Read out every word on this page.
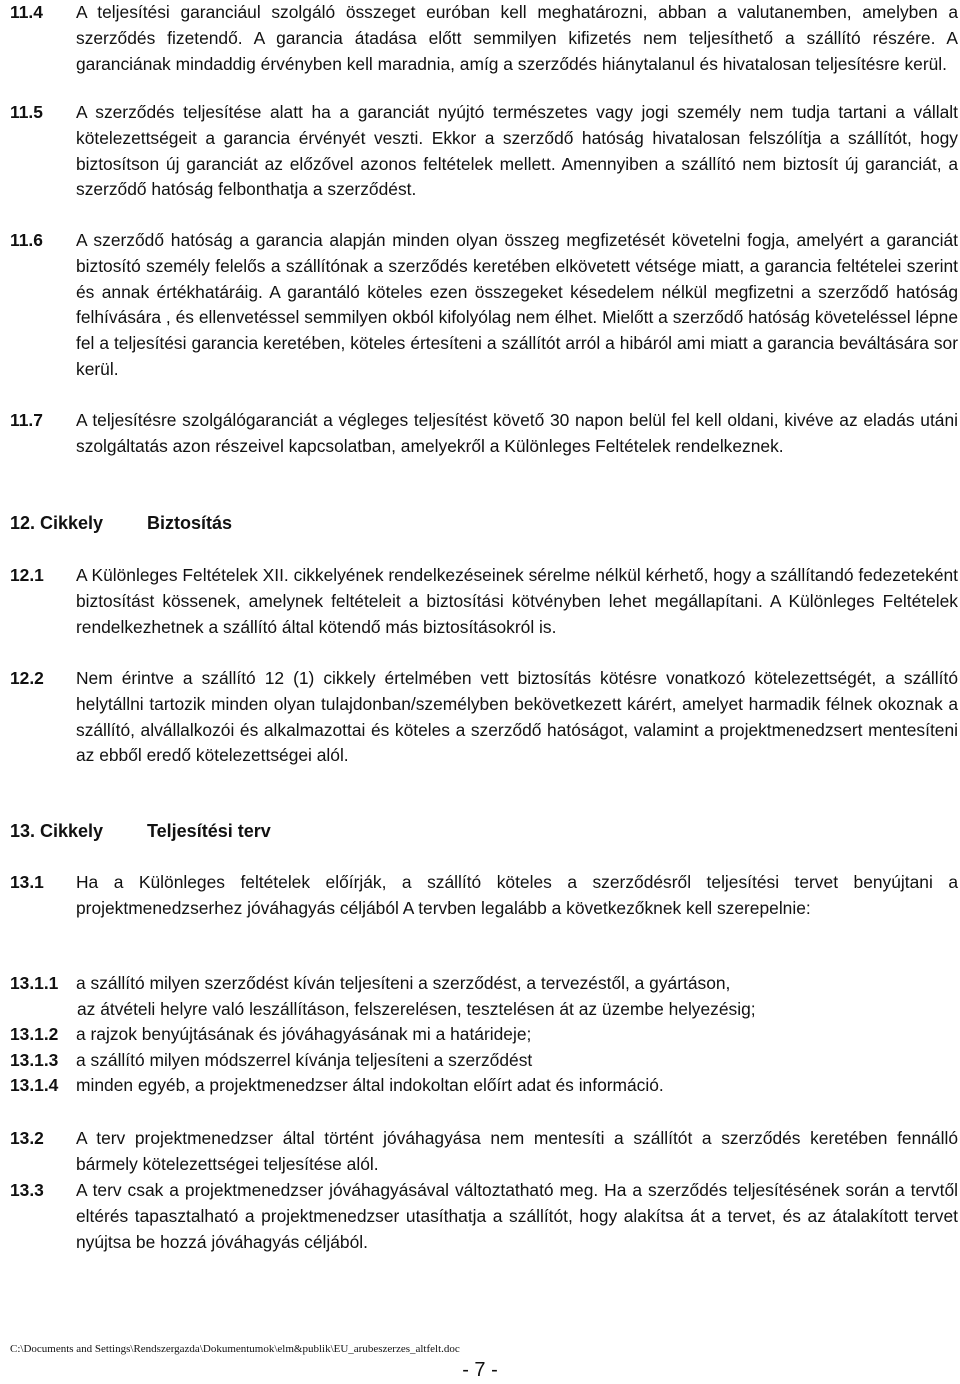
11.4 A teljesítési garanciául szolgáló összeget euróban kell meghatározni, abban a valutanemben, amelyben a szerződés fizetendő. A garancia átadása előtt semmilyen kifizetés nem teljesíthető a szállító részére. A garanciának mindaddig érvényben kell maradnia, amíg a szerződés hiánytalanul és hivatalosan teljesítésre kerül.
11.5 A szerződés teljesítése alatt ha a garanciát nyújtó természetes vagy jogi személy nem tudja tartani a vállalt kötelezettségeit a garancia érvényét veszti. Ekkor a szerződő hatóság hivatalosan felszólítja a szállítót, hogy biztosítson új garanciát az előzővel azonos feltételek mellett. Amennyiben a szállító nem biztosít új garanciát, a szerződő hatóság felbonthatja a szerződést.
11.6 A szerződő hatóság a garancia alapján minden olyan összeg megfizetését követelni fogja, amelyért a garanciát biztosító személy felelős a szállítónak a szerződés keretében elkövetett vétsége miatt, a garancia feltételei szerint és annak értékhatáráig. A garantáló köteles ezen összegeket késedelem nélkül megfizetni a szerződő hatóság felhívására , és ellenvetéssel semmilyen okból kifolyólag nem élhet. Mielőtt a szerződő hatóság követeléssel lépne fel a teljesítési garancia keretében, köteles értesíteni a szállítót arról a hibáról ami miatt a garancia beváltására sor kerül.
11.7 A teljesítésre szolgálógaranciát a végleges teljesítést követő 30 napon belül fel kell oldani, kivéve az eladás utáni szolgáltatás azon részeivel kapcsolatban, amelyekről a Különleges Feltételek rendelkeznek.
12. Cikkely Biztosítás
12.1 A Különleges Feltételek XII. cikkelyének rendelkezéseinek sérelme nélkül kérhető, hogy a szállítandó fedezeteként biztosítást kössenek, amelynek feltételeit a biztosítási kötvényben lehet megállapítani. A Különleges Feltételek rendelkezhetnek a szállító által kötendő más biztosításokról is.
12.2 Nem érintve a szállító 12 (1) cikkely értelmében vett biztosítás kötésre vonatkozó kötelezettségét, a szállító helytállni tartozik minden olyan tulajdonban/személyben bekövetkezett kárért, amelyet harmadik félnek okoznak a szállító, alvállalkozói és alkalmazottai és köteles a szerződő hatóságot, valamint a projektmenedzsert mentesíteni az ebből eredő kötelezettségei alól.
13. Cikkely Teljesítési terv
13.1 Ha a Különleges feltételek előírják, a szállító köteles a szerződésről teljesítési tervet benyújtani a projektmenedzserhez jóváhagyás céljából A tervben legalább a következőknek kell szerepelnie:
13.1.1 a szállító milyen szerződést kíván teljesíteni a szerződést, a tervezéstől, a gyártáson,
az átvételi helyre való leszállításon, felszerelésen, tesztelésen át az üzembe helyezésig;
13.1.2 a rajzok benyújtásának és jóváhagyásának mi a határideje;
13.1.3 a szállító milyen módszerrel kívánja teljesíteni a szerződést
13.1.4 minden egyéb, a projektmenedzser által indokoltan előírt adat és információ.
13.2 A terv projektmenedzser által történt jóváhagyása nem mentesíti a szállítót a szerződés keretében fennálló bármely kötelezettségei teljesítése alól.
13.3 A terv csak a projektmenedzser jóváhagyásával változtatható meg. Ha a szerződés teljesítésének során a tervtől eltérés tapasztalható a projektmenedzser utasíthatja a szállítót, hogy alakítsa át a tervet, és az átalakított tervet nyújtsa be hozzá jóváhagyás céljából.
C:\Documents and Settings\Rendszergazda\Dokumentumok\elm&publik\EU_arubeszerzes_altfelt.doc
- 7 -
